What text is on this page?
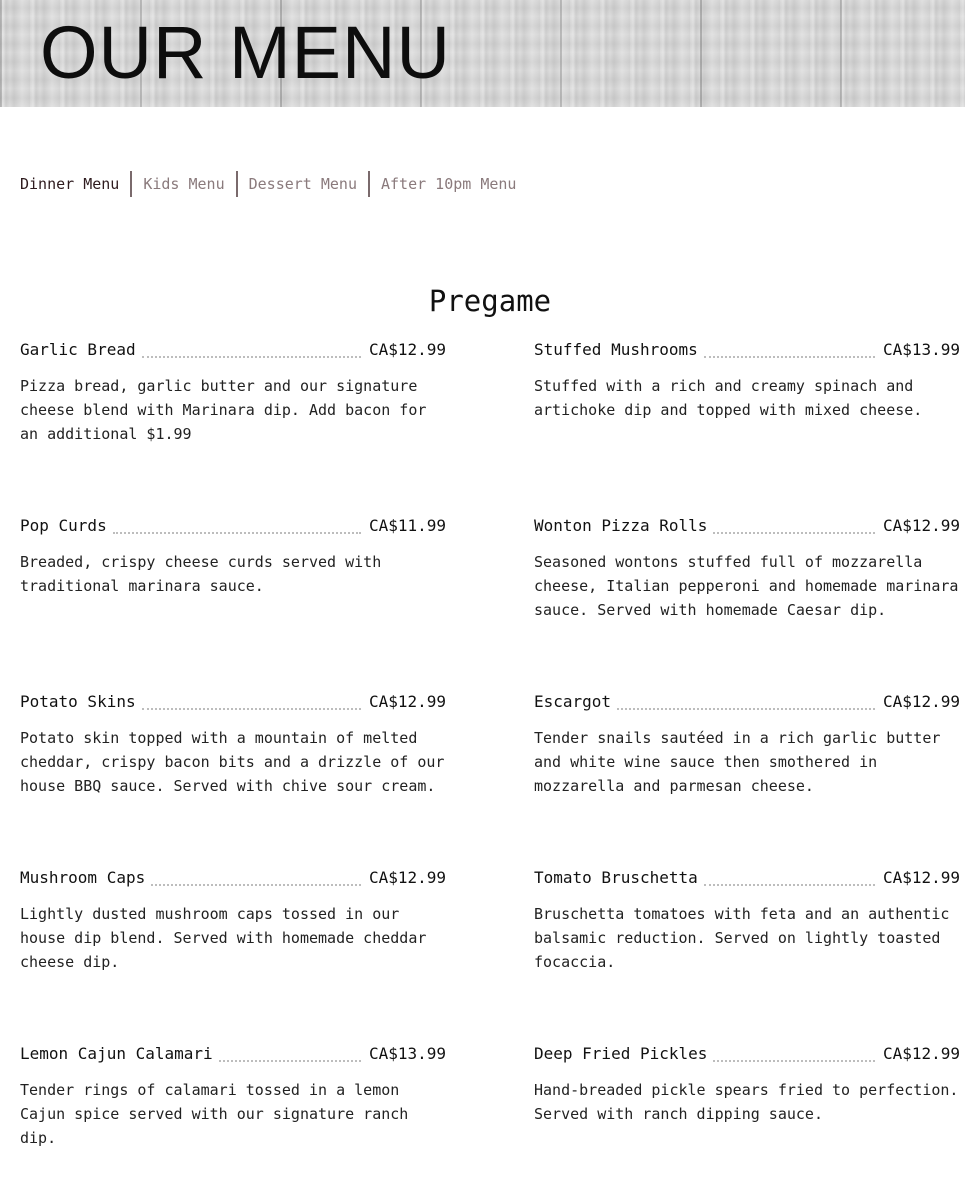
OUR MENU
Dinner Menu Kids Menu Dessert Menu After 10pm Menu
Pregame
Garlic Bread	CA$12.99

Pizza bread, garlic butter and our signature cheese blend with Marinara dip. Add bacon for an additional $1.99

Stuffed Mushrooms	CA$13.99

Stuffed with a rich and creamy spinach and artichoke dip and topped with mixed cheese.

Pop Curds	CA$11.99

Breaded, crispy cheese curds served with traditional marinara sauce.

Wonton Pizza Rolls	CA$12.99

Seasoned wontons stuffed full of mozzarella cheese, Italian pepperoni and homemade marinara sauce. Served with homemade Caesar dip.

Potato Skins	CA$12.99

Potato skin topped with a mountain of melted cheddar, crispy bacon bits and a drizzle of our house BBQ sauce. Served with chive sour cream.

Escargot	CA$12.99

Tender snails sautéed in a rich garlic butter and white wine sauce then smothered in mozzarella and parmesan cheese.

Mushroom Caps	CA$12.99

Lightly dusted mushroom caps tossed in our house dip blend. Served with homemade cheddar cheese dip.

Tomato Bruschetta	CA$12.99

Bruschetta tomatoes with feta and an authentic balsamic reduction. Served on lightly toasted focaccia.

Lemon Cajun Calamari	CA$13.99

Tender rings of calamari tossed in a lemon Cajun spice served with our signature ranch dip.

Deep Fried Pickles	CA$12.99

Hand-breaded pickle spears fried to perfection. Served with ranch dipping sauce.
